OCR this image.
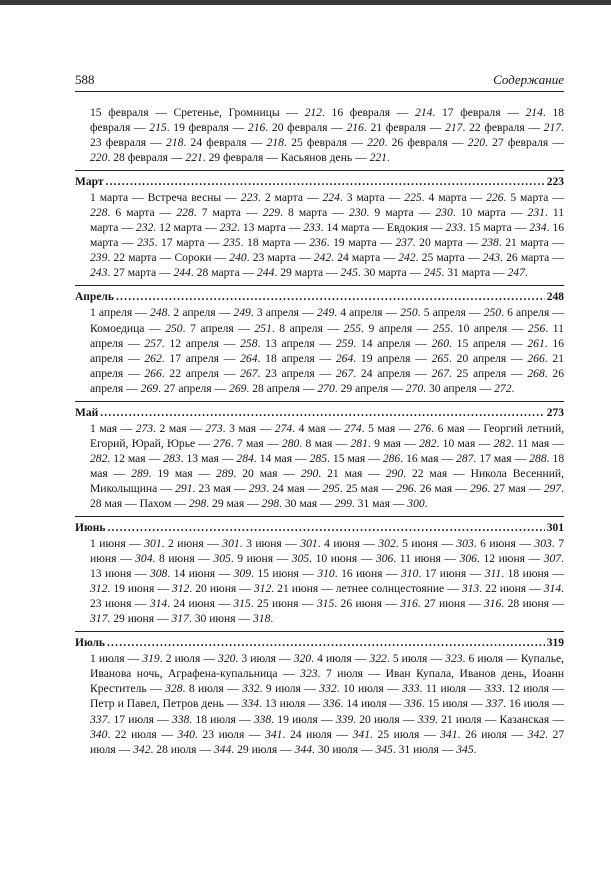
588	Содержание
15 февраля — Сретенье, Громницы — 212. 16 февраля — 214. 17 февраля — 214. 18 февраля — 215. 19 февраля — 216. 20 февраля — 216. 21 февраля — 217. 22 февраля — 217. 23 февраля — 218. 24 февраля — 218. 25 февраля — 220. 26 февраля — 220. 27 февраля — 220. 28 февраля — 221. 29 февраля — Касьянов день — 221.
Март .....	223
1 марта — Встреча весны — 223. 2 марта — 224. 3 марта — 225. 4 марта — 226. 5 марта — 228. 6 марта — 228. 7 марта — 229. 8 марта — 230. 9 марта — 230. 10 марта — 231. 11 марта — 232. 12 марта — 232. 13 марта — 233. 14 марта — Евдокия — 233. 15 марта — 234. 16 марта — 235. 17 марта — 235. 18 марта — 236. 19 марта — 237. 20 марта — 238. 21 марта — 239. 22 марта — Сороки — 240. 23 марта — 242. 24 марта — 242. 25 марта — 243. 26 марта — 243. 27 марта — 244. 28 марта — 244. 29 марта — 245. 30 марта — 245. 31 марта — 247.
Апрель .....	248
1 апреля — 248. 2 апреля — 249. 3 апреля — 249. 4 апреля — 250. 5 апреля — 250. 6 апреля — Комоедица — 250. 7 апреля — 251. 8 апреля — 255. 9 апреля — 255. 10 апреля — 256. 11 апреля — 257. 12 апреля — 258. 13 апреля — 259. 14 апреля — 260. 15 апреля — 261. 16 апреля — 262. 17 апреля — 264. 18 апреля — 264. 19 апреля — 265. 20 апреля — 266. 21 апреля — 266. 22 апреля — 267. 23 апреля — 267. 24 апреля — 267. 25 апреля — 268. 26 апреля — 269. 27 апреля — 269. 28 апреля — 270. 29 апреля — 270. 30 апреля — 272.
Май .....	273
1 мая — 273. 2 мая — 273. 3 мая — 274. 4 мая — 274. 5 мая — 276. 6 мая — Георгий летний, Егорий, Юрай, Юрье — 276. 7 мая — 280. 8 мая — 281. 9 мая — 282. 10 мая — 282. 11 мая — 282. 12 мая — 283. 13 мая — 284. 14 мая — 285. 15 мая — 286. 16 мая — 287. 17 мая — 288. 18 мая — 289. 19 мая — 289. 20 мая — 290. 21 мая — 290. 22 мая — Никола Весенний, Миколыщина — 291. 23 мая — 293. 24 мая — 295. 25 мая — 296. 26 мая — 296. 27 мая — 297. 28 мая — Пахом — 298. 29 мая — 298. 30 мая — 299. 31 мая — 300.
Июнь .....	301
1 июня — 301. 2 июня — 301. 3 июня — 301. 4 июня — 302. 5 июня — 303. 6 июня — 303. 7 июня — 304. 8 июня — 305. 9 июня — 305. 10 июня — 306. 11 июня — 306. 12 июня — 307. 13 июня — 308. 14 июня — 309. 15 июня — 310. 16 июня — 310. 17 июня — 311. 18 июня — 312. 19 июня — 312. 20 июня — 312. 21 июня — летнее солнцестояние — 313. 22 июня — 314. 23 июня — 314. 24 июня — 315. 25 июня — 315. 26 июня — 316. 27 июня — 316. 28 июня — 317. 29 июня — 317. 30 июня — 318.
Июль .....	319
1 июля — 319. 2 июля — 320. 3 июля — 320. 4 июля — 322. 5 июля — 323. 6 июля — Купалье, Иванова ночь, Аграфена-купальница — 323. 7 июля — Иван Купала, Иванов день, Иоанн Креститель — 328. 8 июля — 332. 9 июля — 332. 10 июля — 333. 11 июля — 333. 12 июля — Петр и Павел, Петров день — 334. 13 июля — 336. 14 июля — 336. 15 июля — 337. 16 июля — 337. 17 июля — 338. 18 июля — 338. 19 июля — 339. 20 июля — 339. 21 июля — Казанская — 340. 22 июля — 340. 23 июля — 341. 24 июля — 341. 25 июля — 341. 26 июля — 342. 27 июля — 342. 28 июля — 344. 29 июля — 344. 30 июля — 345. 31 июля — 345.
